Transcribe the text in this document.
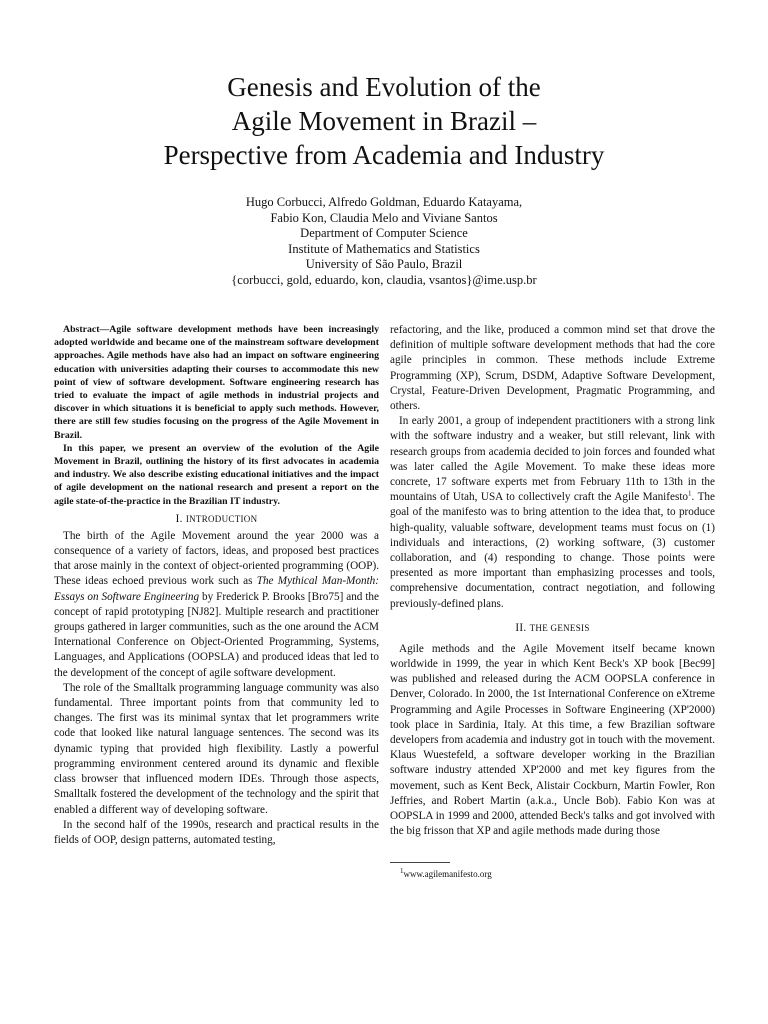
Genesis and Evolution of the
Agile Movement in Brazil –
Perspective from Academia and Industry
Hugo Corbucci, Alfredo Goldman, Eduardo Katayama,
Fabio Kon, Claudia Melo and Viviane Santos
Department of Computer Science
Institute of Mathematics and Statistics
University of São Paulo, Brazil
{corbucci, gold, eduardo, kon, claudia, vsantos}@ime.usp.br

Abstract—Agile software development methods have been increasingly adopted worldwide and became one of the mainstream software development approaches. Agile methods have also had an impact on software engineering education with universities adapting their courses to accommodate this new point of view of software development. Software engineering research has tried to evaluate the impact of agile methods in industrial projects and discover in which situations it is beneficial to apply such methods. However, there are still few studies focusing on the progress of the Agile Movement in Brazil.

In this paper, we present an overview of the evolution of the Agile Movement in Brazil, outlining the history of its first advocates in academia and industry. We also describe existing educational initiatives and the impact of agile development on the national research and present a report on the agile state-of-the-practice in the Brazilian IT industry.

I. INTRODUCTION

The birth of the Agile Movement around the year 2000 was a consequence of a variety of factors, ideas, and proposed best practices that arose mainly in the context of object-oriented programming (OOP). These ideas echoed previous work such as The Mythical Man-Month: Essays on Software Engineering by Frederick P. Brooks [Bro75] and the concept of rapid prototyping [NJ82]. Multiple research and practitioner groups gathered in larger communities, such as the one around the ACM International Conference on Object-Oriented Programming, Systems, Languages, and Applications (OOPSLA) and produced ideas that led to the development of the concept of agile software development.

The role of the Smalltalk programming language community was also fundamental. Three important points from that community led to changes. The first was its minimal syntax that let programmers write code that looked like natural language sentences. The second was its dynamic typing that provided high flexibility. Lastly a powerful programming environment centered around its dynamic and flexible class browser that influenced modern IDEs. Through those aspects, Smalltalk fostered the development of the technology and the spirit that enabled a different way of developing software.

In the second half of the 1990s, research and practical results in the fields of OOP, design patterns, automated testing,

refactoring, and the like, produced a common mind set that drove the definition of multiple software development methods that had the core agile principles in common. These methods include Extreme Programming (XP), Scrum, DSDM, Adaptive Software Development, Crystal, Feature-Driven Development, Pragmatic Programming, and others.

In early 2001, a group of independent practitioners with a strong link with the software industry and a weaker, but still relevant, link with research groups from academia decided to join forces and founded what was later called the Agile Movement. To make these ideas more concrete, 17 software experts met from February 11th to 13th in the mountains of Utah, USA to collectively craft the Agile Manifesto$^1$. The goal of the manifesto was to bring attention to the idea that, to produce high-quality, valuable software, development teams must focus on (1) individuals and interactions, (2) working software, (3) customer collaboration, and (4) responding to change. Those points were presented as more important than emphasizing processes and tools, comprehensive documentation, contract negotiation, and following previously-defined plans.

II. THE GENESIS

Agile methods and the Agile Movement itself became known worldwide in 1999, the year in which Kent Beck's XP book [Bec99] was published and released during the ACM OOPSLA conference in Denver, Colorado. In 2000, the 1st International Conference on eXtreme Programming and Agile Processes in Software Engineering (XP'2000) took place in Sardinia, Italy. At this time, a few Brazilian software developers from academia and industry got in touch with the movement. Klaus Wuestefeld, a software developer working in the Brazilian software industry attended XP'2000 and met key figures from the movement, such as Kent Beck, Alistair Cockburn, Martin Fowler, Ron Jeffries, and Robert Martin (a.k.a., Uncle Bob). Fabio Kon was at OOPSLA in 1999 and 2000, attended Beck's talks and got involved with the big frisson that XP and agile methods made during those

$^1$www.agilemanifesto.org
